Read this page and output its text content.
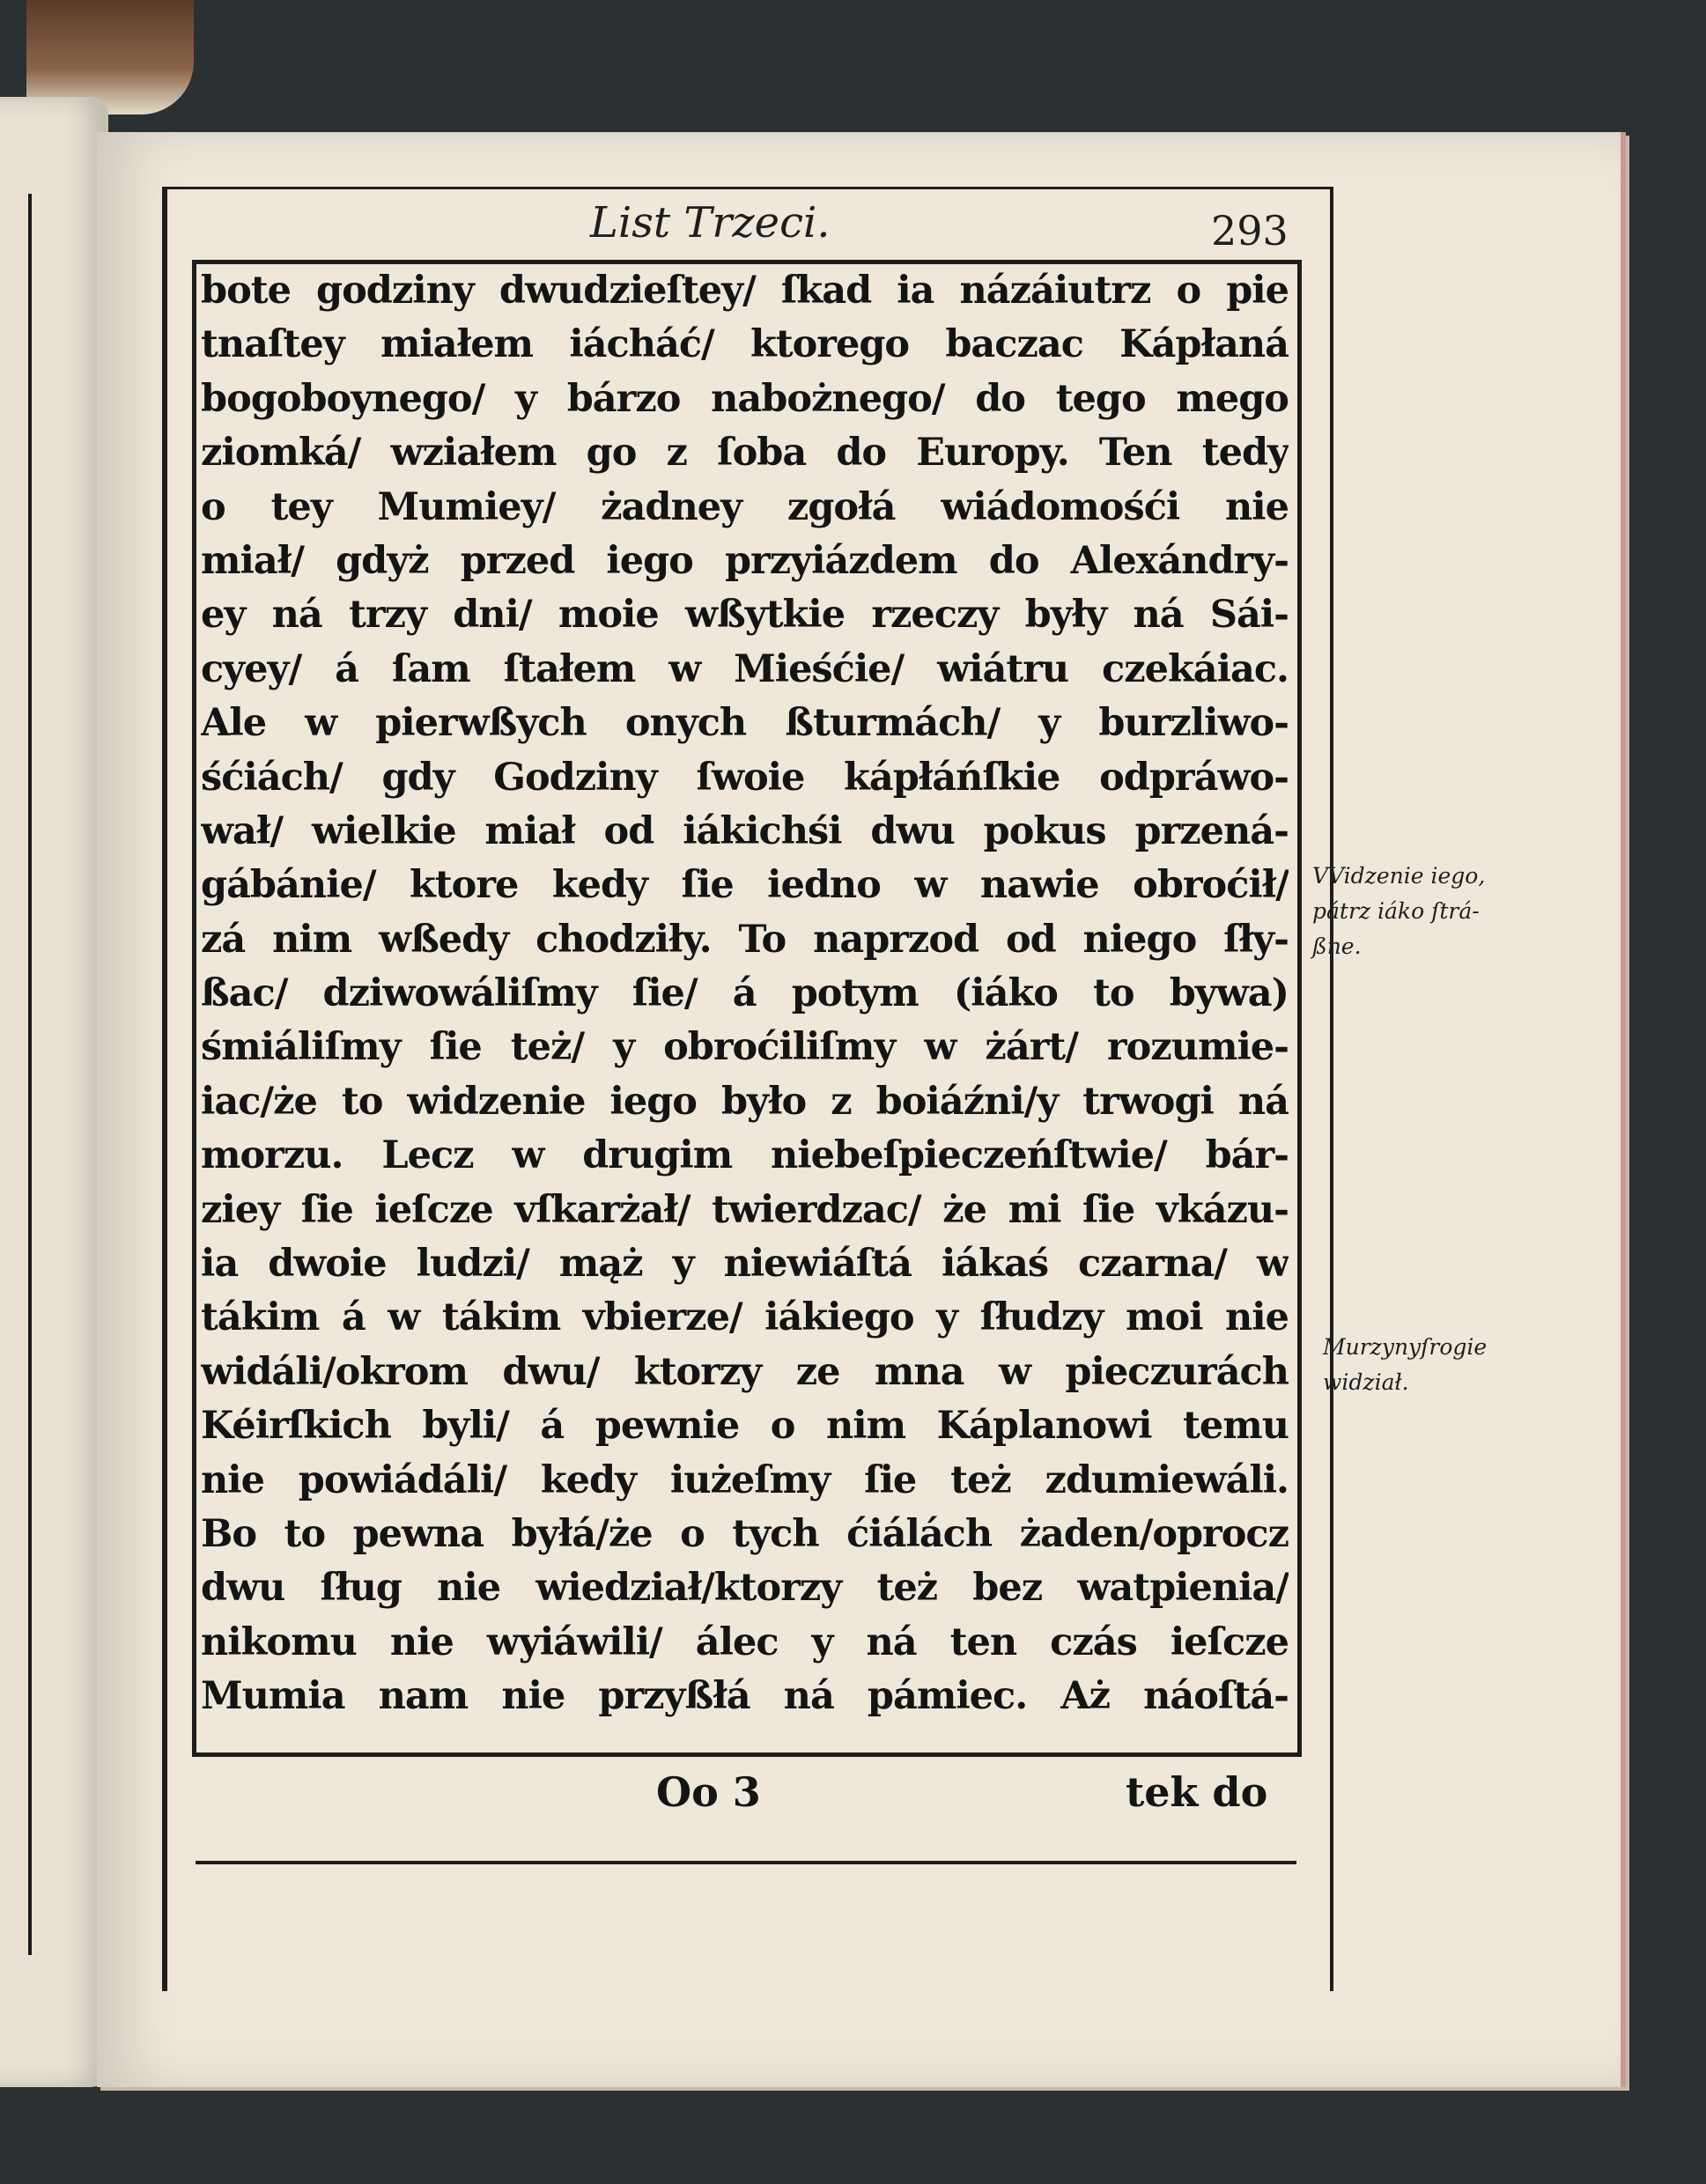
List Trzeci.	293
bote godziny dwudzieſtey/ ſkad ia názáiutrz o pie
tnaſtey miałem iácháć/ ktorego baczac Kápłaná
bogoboynego/ y bárzo nabożnego/ do tego mego
ziomká/ wziałem go z ſoba do Europy. Ten tedy
o tey Mumiey/ żadney zgołá wiádomośći nie
miał/ gdyż przed iego przyiázdem do Alexándry-
ey ná trzy dni/ moie wßytkie rzeczy były ná Sái-
cyey/ á ſam ſtałem w Mieśćie/ wiátru czekáiac.
Ale w pierwßych onych ßturmách/ y burzliwo-
śćiách/ gdy Godziny ſwoie kápłáńſkie odpráwo-
wał/ wielkie miał od iákichśi dwu pokus przená-
gábánie/ ktore kedy ſie iedno w nawie obroćił/
zá nim wßedy chodziły. To naprzod od niego ſły-
ßac/ dziwowáliſmy ſie/ á potym (iáko to bywa)
śmiáliſmy ſie też/ y obroćiliſmy w żárt/ rozumie-
iac/że to widzenie iego było z boiáźni/y trwogi ná
morzu. Lecz w drugim niebeſpieczeńſtwie/ bár-
ziey ſie ieſcze vſkarżał/ twierdzac/ że mi ſie vkázu-
ia dwoie ludzi/ mąż y niewiáſtá iákaś czarna/ w
tákim á w tákim vbierze/ iákiego y ſłudzy moi nie
widáli/okrom dwu/ ktorzy ze mna w pieczurách
Kéirſkich byli/ á pewnie o nim Káplanowi temu
nie powiádáli/ kedy iużeſmy ſie też zdumiewáli.
Bo to pewna byłá/że o tych ćiálách żaden/oprocz
dwu ſług nie wiedział/ktorzy też bez watpienia/
nikomu nie wyiáwili/ álec y ná ten czás ieſcze
Mumia nam nie przyßłá ná pámiec. Aż náoſtá-
Oo 3	tek do
VVidzenie iego,
pátrz iáko ſtrá-
ßne.
Murzynyſrogie
widział.
